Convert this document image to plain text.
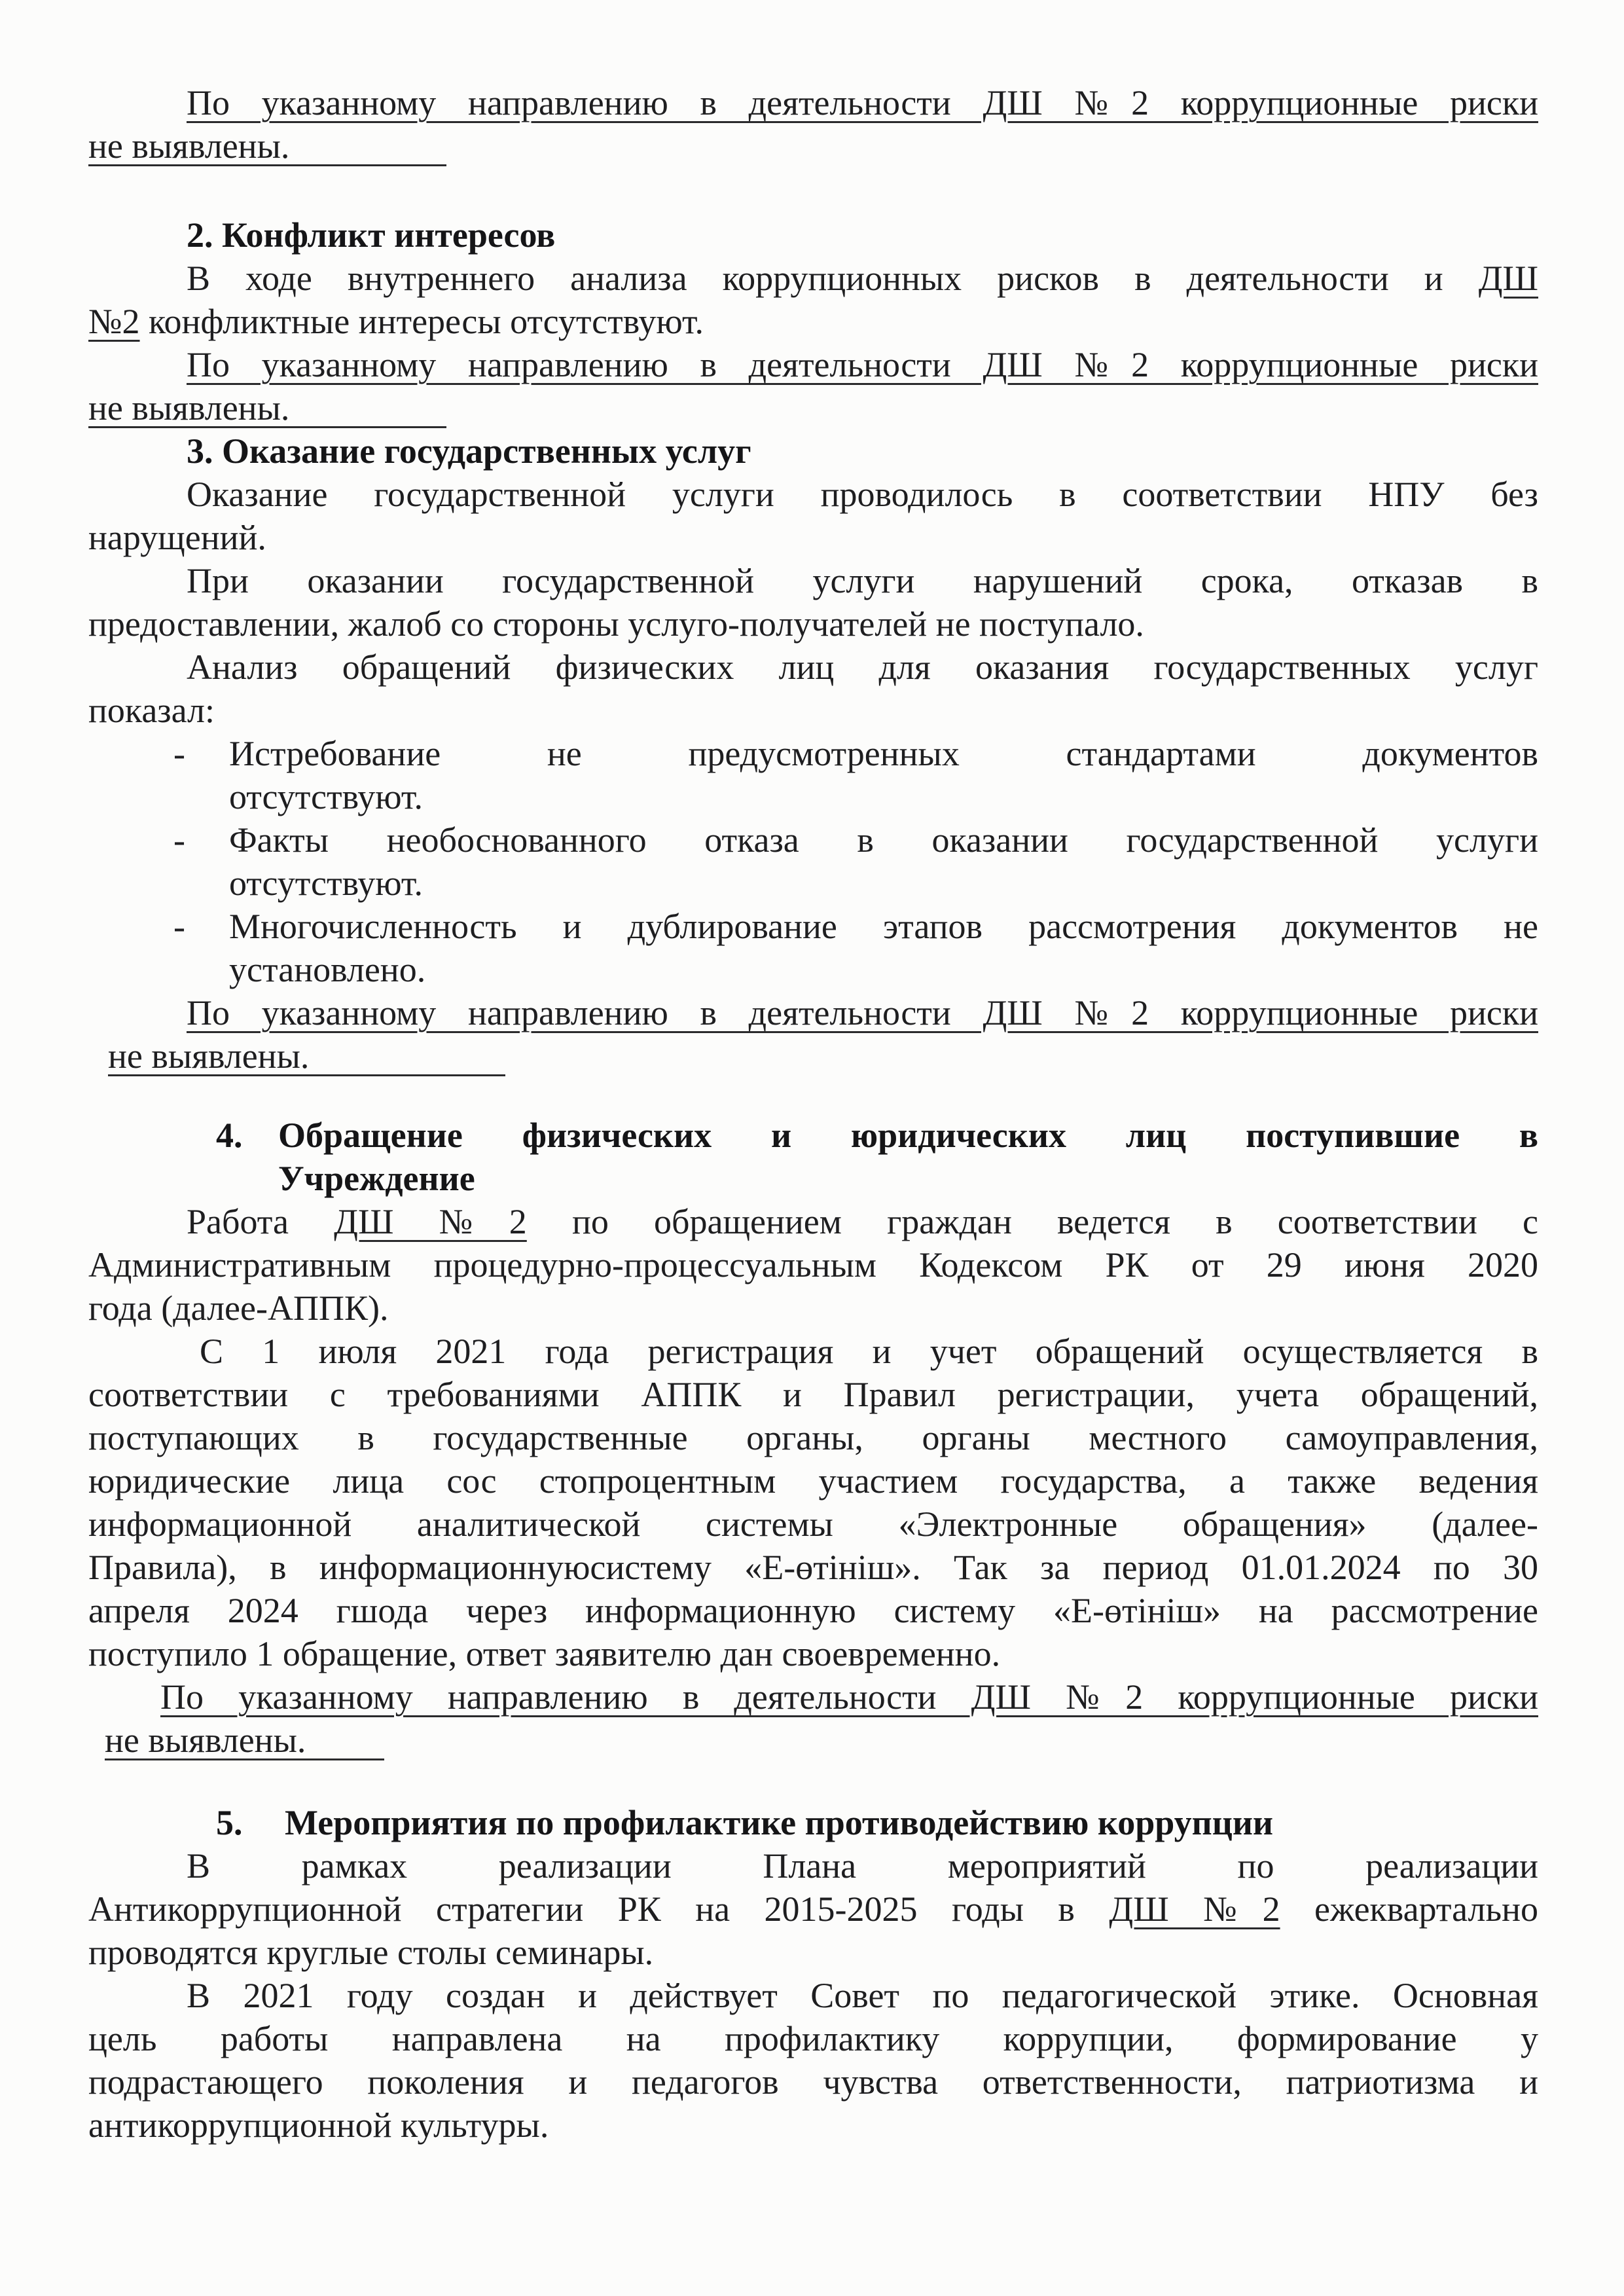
По указанному направлению в деятельности ДШ №2 коррупционные риски
не выявлены.
2. Конфликт интересов
В ходе внутреннего анализа коррупционных рисков в деятельности и ДШ
№2 конфликтные интересы отсутствуют.
По указанному направлению в деятельности ДШ №2 коррупционные риски
не выявлены.
3. Оказание государственных услуг
Оказание государственной услуги проводилось в соответствии НПУ без
нарущений.
При оказании государственной услуги нарушений срока, отказав в
предоставлении, жалоб со стороны услуго-получателей не поступало.
Анализ обращений физических лиц для оказания государственных услуг
показал:
- Истребование не предусмотренных стандартами документов
отсутствуют.
- Факты необоснованного отказа в оказании государственной услуги
отсутствуют.
- Многочисленность и дублирование этапов рассмотрения документов не
установлено.
По указанному направлению в деятельности ДШ №2 коррупционные риски
не выявлены.
4. Обращение физических и юридических лиц поступившие в
Учреждение
Работа ДШ №2 по обращением граждан ведется в соответствии с
Административным процедурно-процессуальным Кодексом РК от 29 июня 2020
года (далее-АППК).
С 1 июля 2021 года регистрация и учет обращений осуществляется в
соответствии с требованиями АППК и Правил регистрации, учета обращений,
поступающих в государственные органы, органы местного самоуправления,
юридические лица сос стопроцентным участием государства, а также ведения
информационной аналитической системы «Электронные обращения» (далее-
Правила), в информационнуюсистему «Е-өтініш». Так за период 01.01.2024 по 30
апреля 2024 гшода через информационную систему «Е-өтініш» на рассмотрение
поступило 1 обращение, ответ заявителю дан своевременно.
По указанному направлению в деятельности ДШ №2 коррупционные риски
не выявлены.
5. Мероприятия по профилактике противодействию коррупции
В рамках реализации Плана мероприятий по реализации
Антикоррупционной стратегии РК на 2015-2025 годы в ДШ №2 ежеквартально
проводятся круглые столы семинары.
В 2021 году создан и действует Совет по педагогической этике. Основная
цель работы направлена на профилактику коррупции, формирование у
подрастающего поколения и педагогов чувства ответственности, патриотизма и
антикоррупционной культуры.
